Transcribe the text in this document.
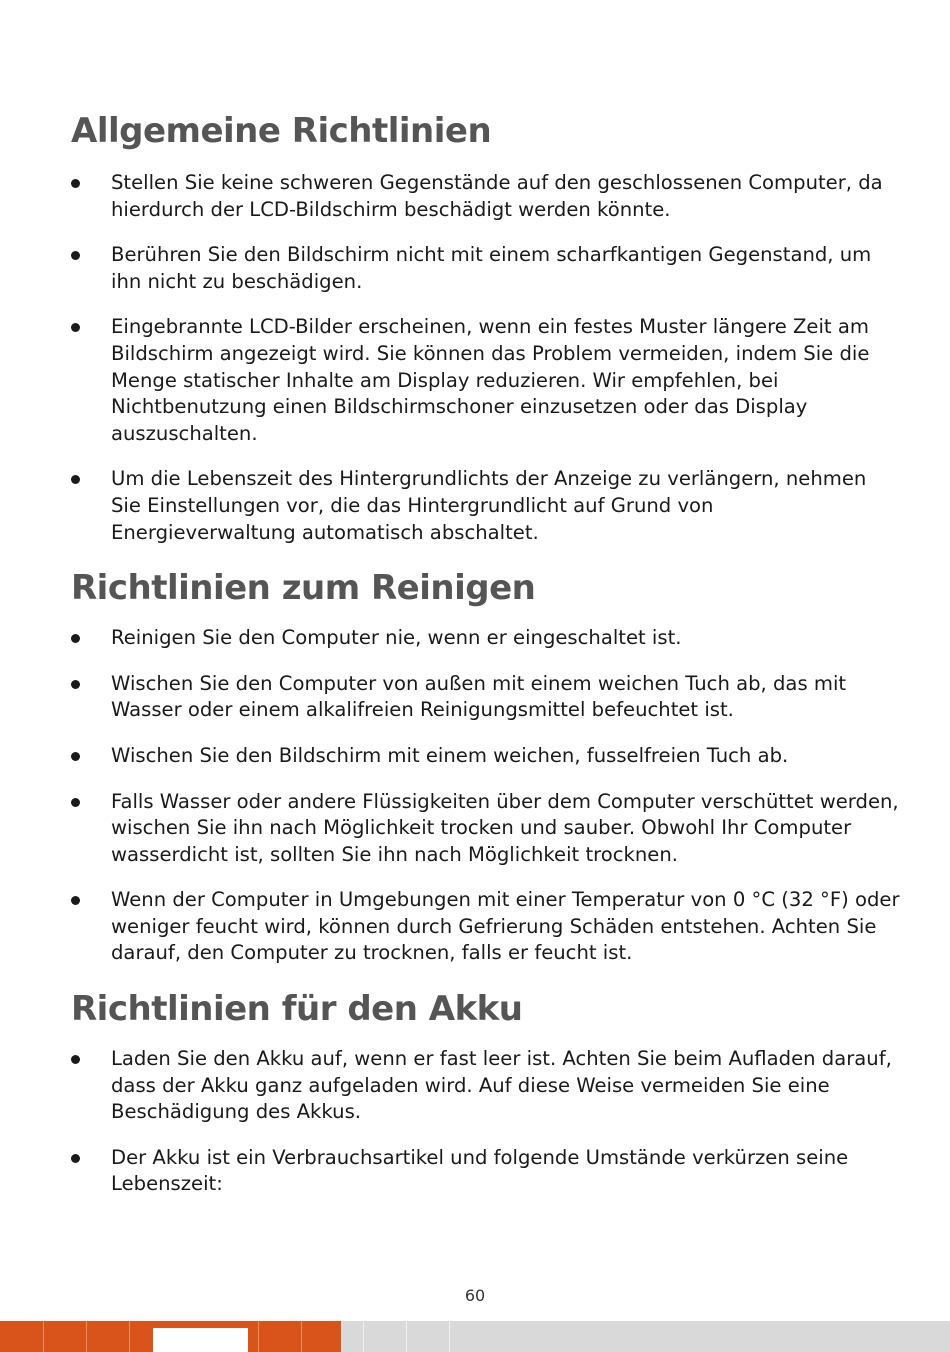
Allgemeine Richtlinien
Stellen Sie keine schweren Gegenstände auf den geschlossenen Computer, da hierdurch der LCD-Bildschirm beschädigt werden könnte.
Berühren Sie den Bildschirm nicht mit einem scharfkantigen Gegenstand, um ihn nicht zu beschädigen.
Eingebrannte LCD-Bilder erscheinen, wenn ein festes Muster längere Zeit am Bildschirm angezeigt wird. Sie können das Problem vermeiden, indem Sie die Menge statischer Inhalte am Display reduzieren. Wir empfehlen, bei Nichtbenutzung einen Bildschirmschoner einzusetzen oder das Display auszuschalten.
Um die Lebenszeit des Hintergrundlichts der Anzeige zu verlängern, nehmen Sie Einstellungen vor, die das Hintergrundlicht auf Grund von Energieverwaltung automatisch abschaltet.
Richtlinien zum Reinigen
Reinigen Sie den Computer nie, wenn er eingeschaltet ist.
Wischen Sie den Computer von außen mit einem weichen Tuch ab, das mit Wasser oder einem alkalifreien Reinigungsmittel befeuchtet ist.
Wischen Sie den Bildschirm mit einem weichen, fusselfreien Tuch ab.
Falls Wasser oder andere Flüssigkeiten über dem Computer verschüttet werden, wischen Sie ihn nach Möglichkeit trocken und sauber. Obwohl Ihr Computer wasserdicht ist, sollten Sie ihn nach Möglichkeit trocknen.
Wenn der Computer in Umgebungen mit einer Temperatur von 0 °C (32 °F) oder weniger feucht wird, können durch Gefrierung Schäden entstehen. Achten Sie darauf, den Computer zu trocknen, falls er feucht ist.
Richtlinien für den Akku
Laden Sie den Akku auf, wenn er fast leer ist. Achten Sie beim Aufladen darauf, dass der Akku ganz aufgeladen wird. Auf diese Weise vermeiden Sie eine Beschädigung des Akkus.
Der Akku ist ein Verbrauchsartikel und folgende Umstände verkürzen seine Lebenszeit:
60
